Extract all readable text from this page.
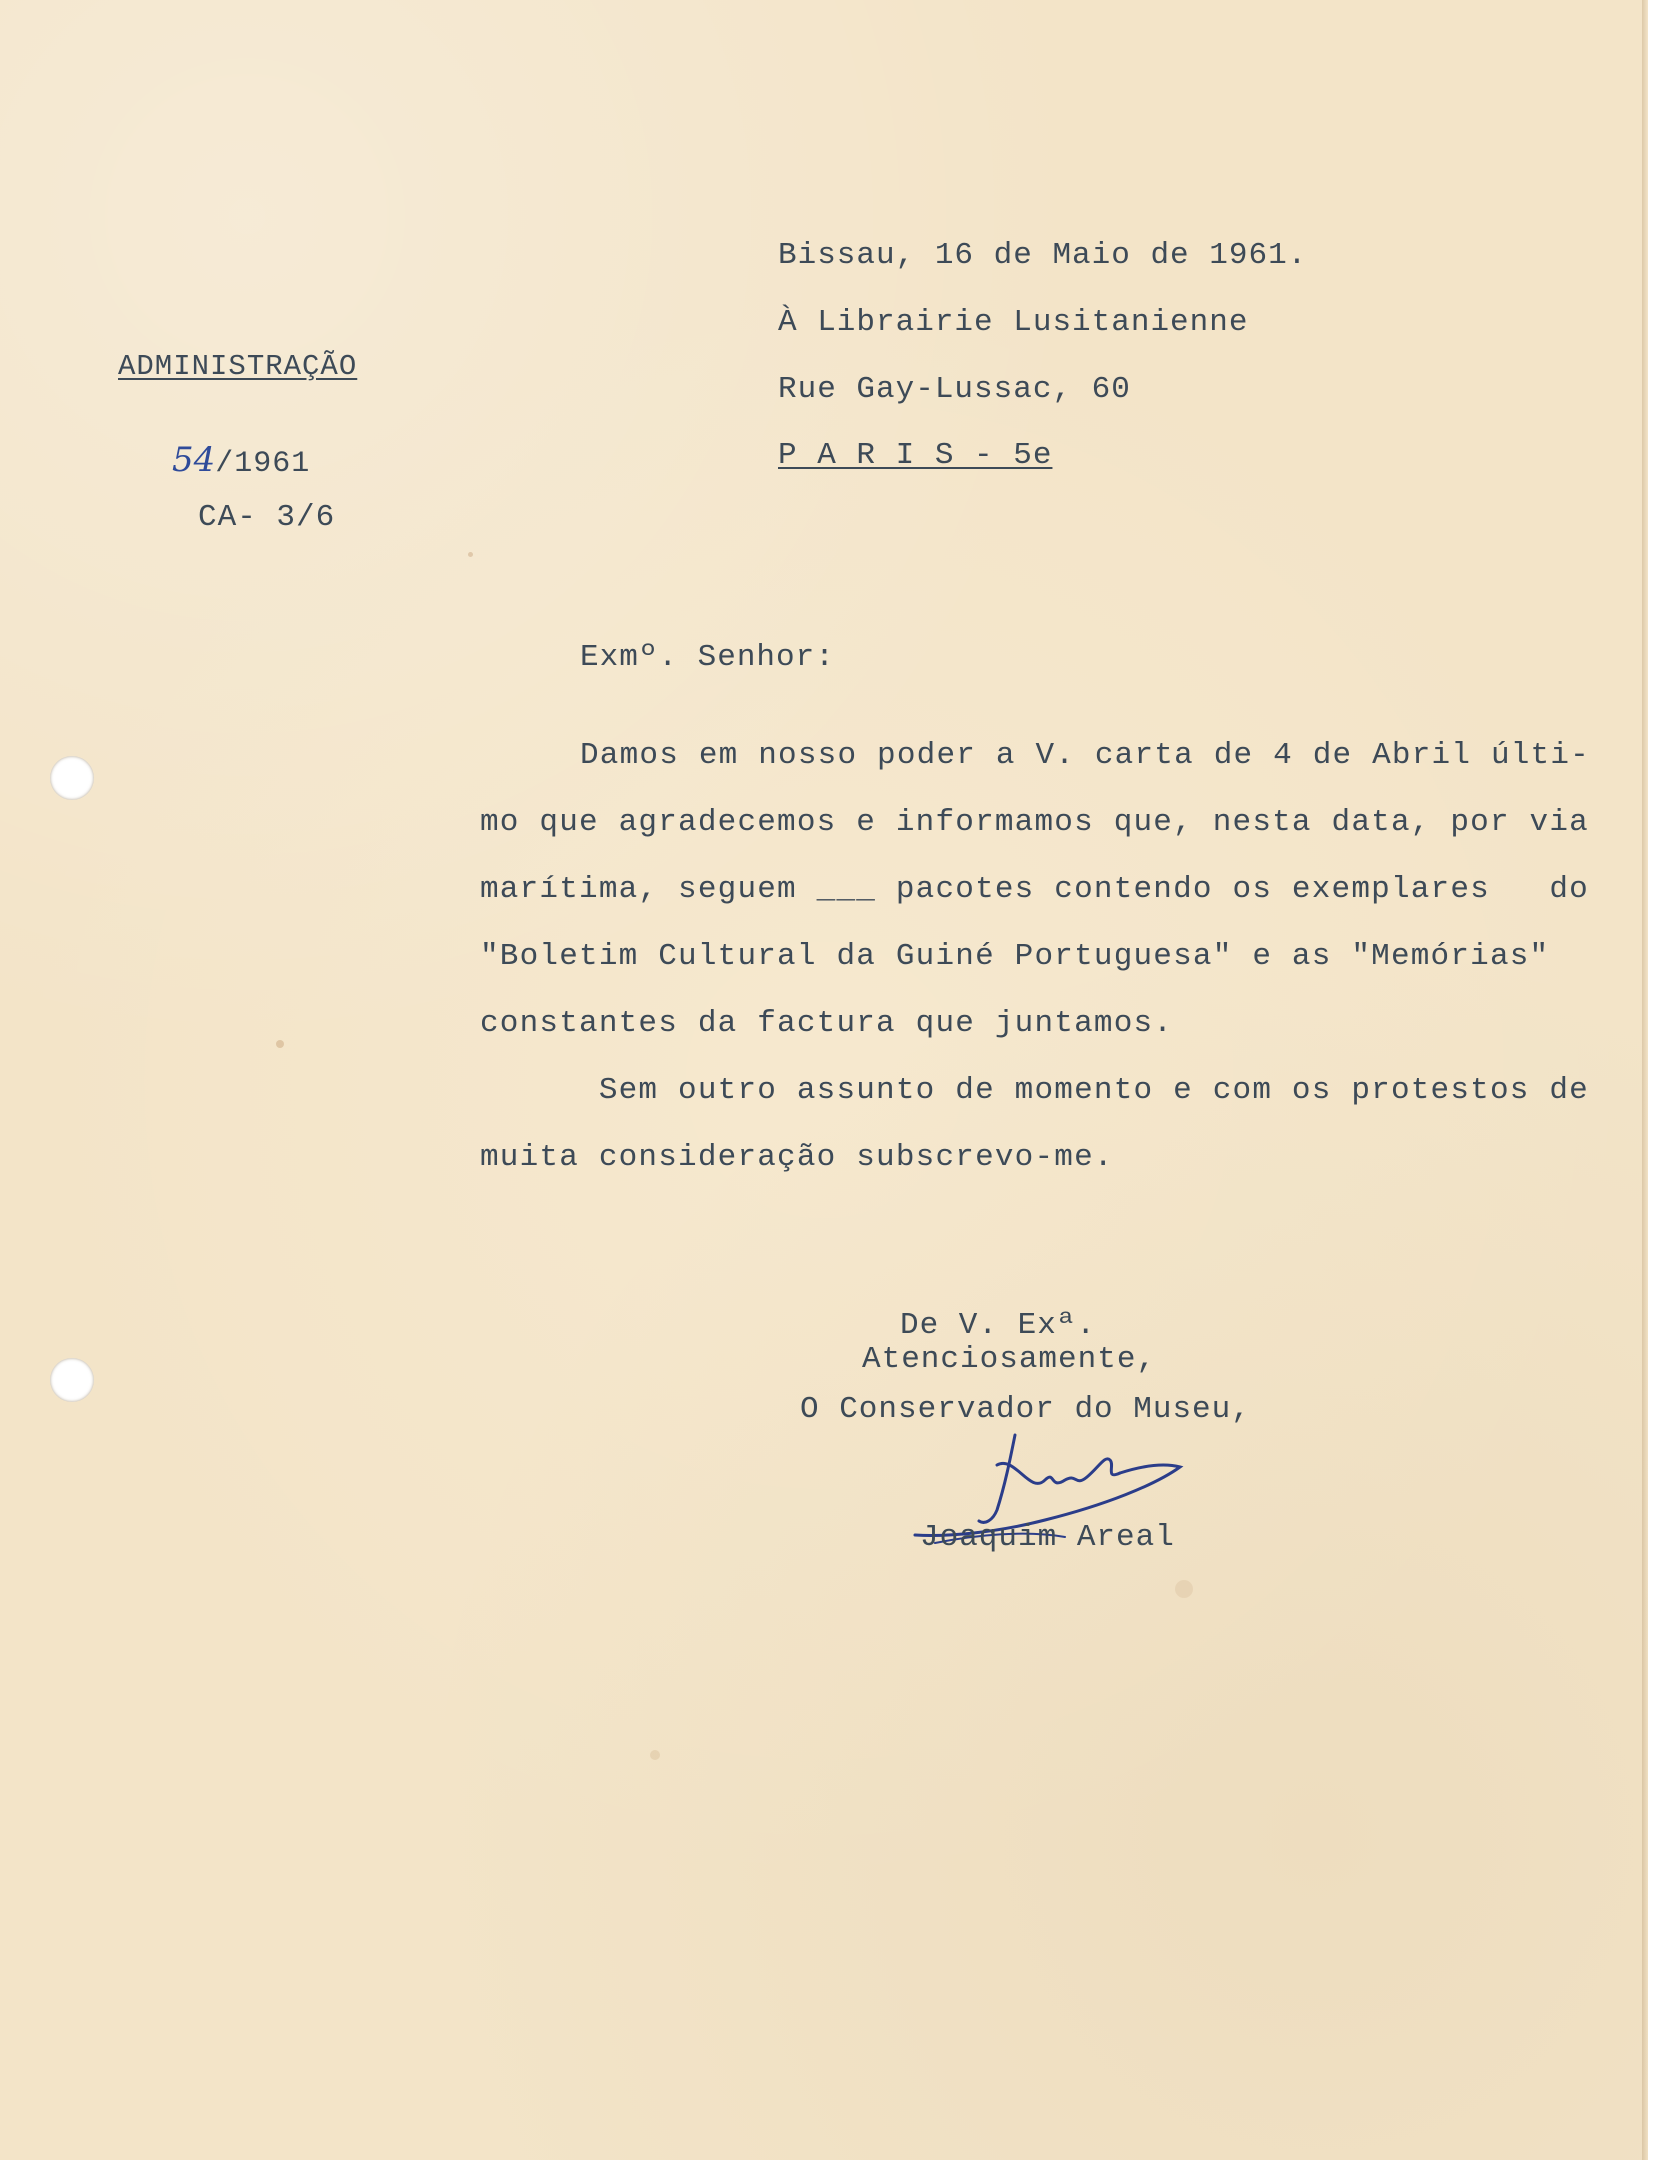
ADMINISTRAÇÃO
54/1961
CA- 3/6
Bissau, 16 de Maio de 1961.
À Librairie Lusitanienne
Rue Gay-Lussac, 60
P A R I S - 5e
Exmº. Senhor:
Damos em nosso poder a V. carta de 4 de Abril últi-
mo que agradecemos e informamos que, nesta data, por via
marítima, seguem ___ pacotes contendo os exemplares   do
"Boletim Cultural da Guiné Portuguesa" e as "Memórias"
constantes da factura que juntamos.
Sem outro assunto de momento e com os protestos de
muita consideração subscrevo-me.
De V. Exª.
Atenciosamente,
O Conservador do Museu,
Joaquim Areal
